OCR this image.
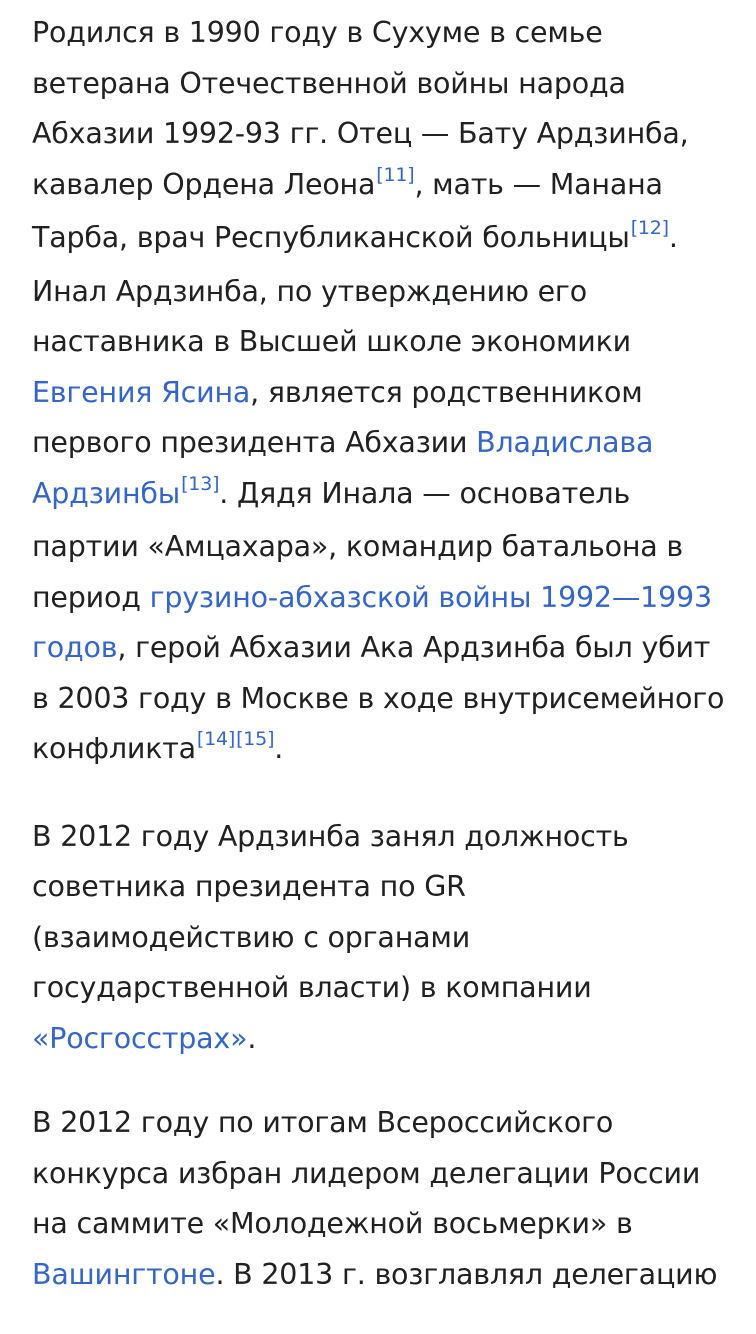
Родился в 1990 году в Сухуме в семье
ветерана Отечественной войны народа
Абхазии 1992-93 гг. Отец — Бату Ардзинба,
кавалер Ордена Леона[11], мать — Манана
Тарба, врач Республиканской больницы[12].
Инал Ардзинба, по утверждению его
наставника в Высшей школе экономики
Евгения Ясина, является родственником
первого президента Абхазии Владислава
Ардзинбы[13]. Дядя Инала — основатель
партии «Амцахара», командир батальона в
период грузино-абхазской войны 1992—1993
годов, герой Абхазии Ака Ардзинба был убит
в 2003 году в Москве в ходе внутрисемейного
конфликта[14][15].

В 2012 году Ардзинба занял должность
советника президента по GR
(взаимодействию с органами
государственной власти) в компании
«Росгосстрах».

В 2012 году по итогам Всероссийского
конкурса избран лидером делегации России
на саммите «Молодежной восьмерки» в
Вашингтоне. В 2013 г. возглавлял делегацию
